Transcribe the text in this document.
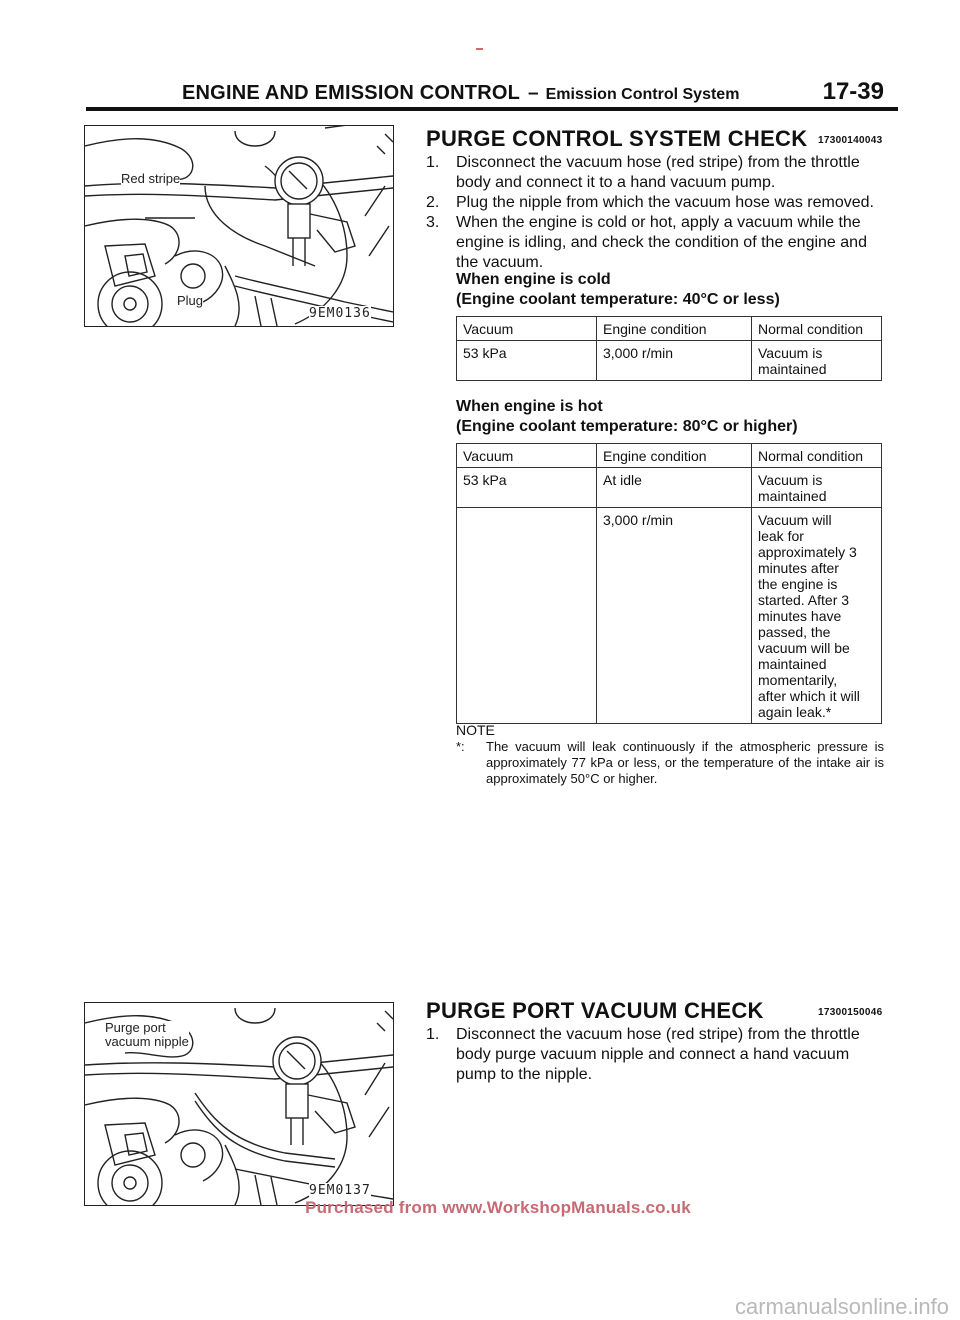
ENGINE AND EMISSION CONTROL – Emission Control System	17-39
Red stripe
Plug
9EM0136
PURGE CONTROL SYSTEM CHECK 17300140043
1. Disconnect the vacuum hose (red stripe) from the throttle body and connect it to a hand vacuum pump.
2. Plug the nipple from which the vacuum hose was removed.
3. When the engine is cold or hot, apply a vacuum while the engine is idling, and check the condition of the engine and the vacuum.
When engine is cold
(Engine coolant temperature: 40°C or less)
Vacuum	Engine condition	Normal condition
53 kPa	3,000 r/min	Vacuum is maintained
When engine is hot
(Engine coolant temperature: 80°C or higher)
Vacuum	Engine condition	Normal condition
53 kPa	At idle	Vacuum is maintained
	3,000 r/min	Vacuum will leak for approximately 3 minutes after the engine is started. After 3 minutes have passed, the vacuum will be maintained momentarily, after which it will again leak.*
NOTE
*: The vacuum will leak continuously if the atmospheric pressure is approximately 77 kPa or less, or the temperature of the intake air is approximately 50°C or higher.
Purge port
vacuum nipple
9EM0137
PURGE PORT VACUUM CHECK	17300150046
1. Disconnect the vacuum hose (red stripe) from the throttle body purge vacuum nipple and connect a hand vacuum pump to the nipple.
Purchased from www.WorkshopManuals.co.uk
carmanualsonline.info
